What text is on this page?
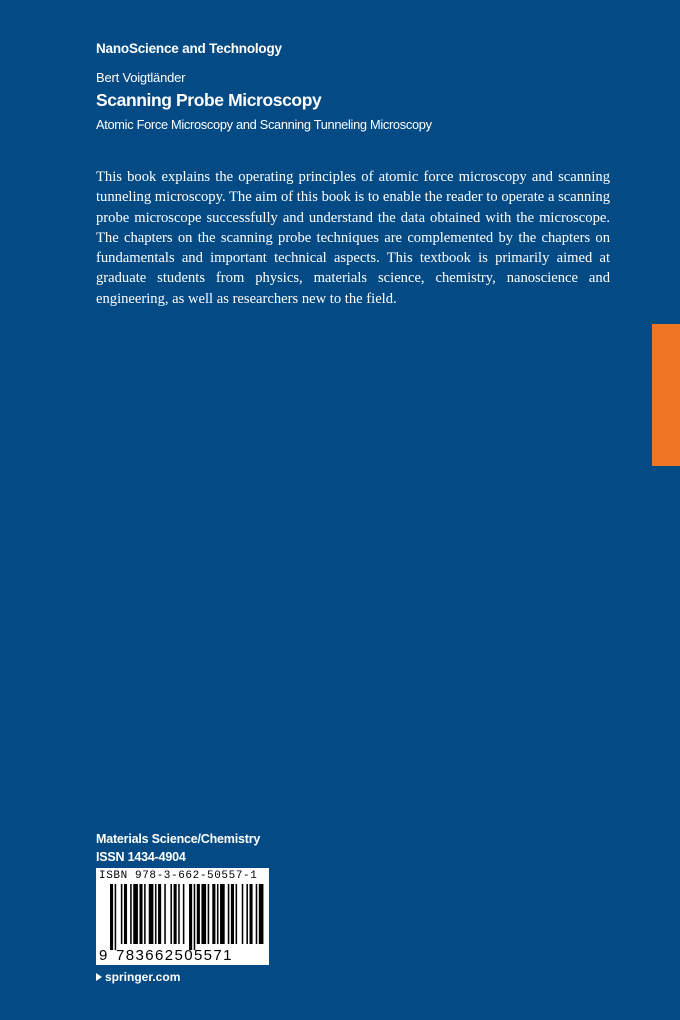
NanoScience and Technology
Bert Voigtländer
Scanning Probe Microscopy
Atomic Force Microscopy and Scanning Tunneling Microscopy

This book explains the operating principles of atomic force microscopy and scanning tunneling microscopy. The aim of this book is to enable the reader to operate a scanning probe microscope successfully and understand the data obtained with the microscope. The chapters on the scanning probe techniques are complemented by the chapters on fundamentals and important technical aspects. This textbook is primarily aimed at graduate students from physics, materials science, chemistry, nanoscience and engineering, as well as researchers new to the field.

Materials Science/Chemistry
ISSN 1434-4904
ISBN 978-3-662-50557-1
9 783662505571
springer.com
